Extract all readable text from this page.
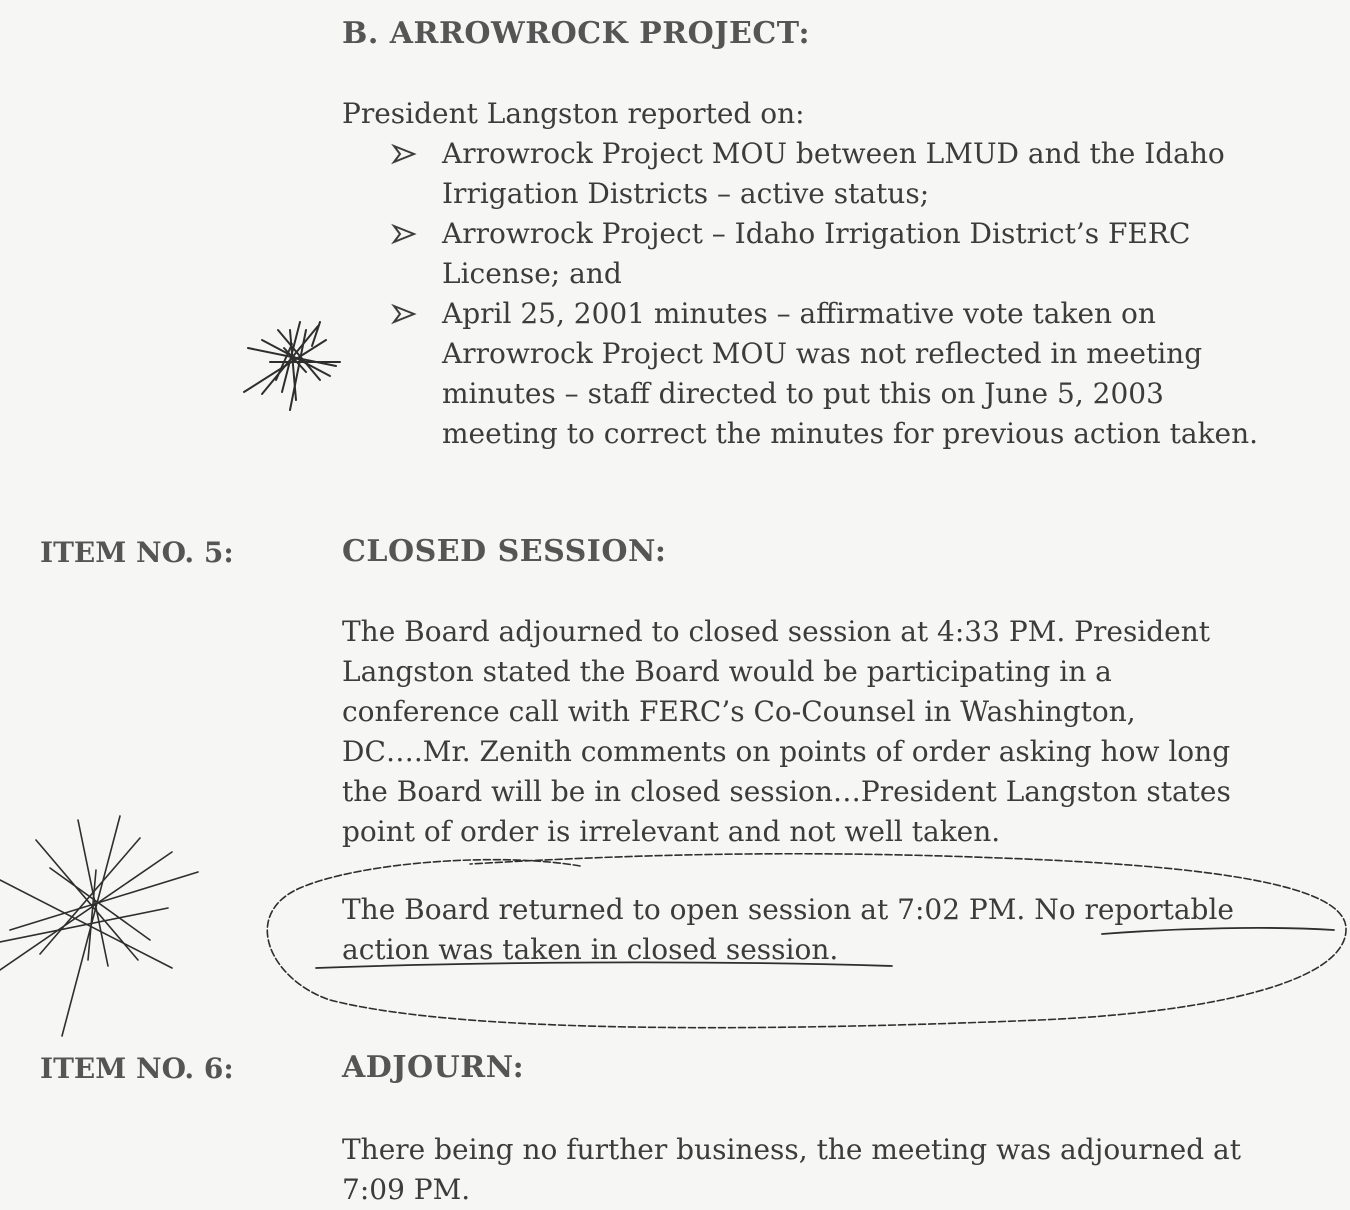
B. ARROWROCK PROJECT:
President Langston reported on:
Arrowrock Project MOU between LMUD and the Idaho
Irrigation Districts – active status;
Arrowrock Project – Idaho Irrigation District’s FERC
License; and
April 25, 2001 minutes – affirmative vote taken on
Arrowrock Project MOU was not reflected in meeting
minutes – staff directed to put this on June 5, 2003
meeting to correct the minutes for previous action taken.
ITEM NO. 5:	CLOSED SESSION:
The Board adjourned to closed session at 4:33 PM. President
Langston stated the Board would be participating in a
conference call with FERC’s Co-Counsel in Washington,
DC….Mr. Zenith comments on points of order asking how long
the Board will be in closed session…President Langston states
point of order is irrelevant and not well taken.
The Board returned to open session at 7:02 PM. No reportable
action was taken in closed session.
ITEM NO. 6:	ADJOURN:
There being no further business, the meeting was adjourned at
7:09 PM.
